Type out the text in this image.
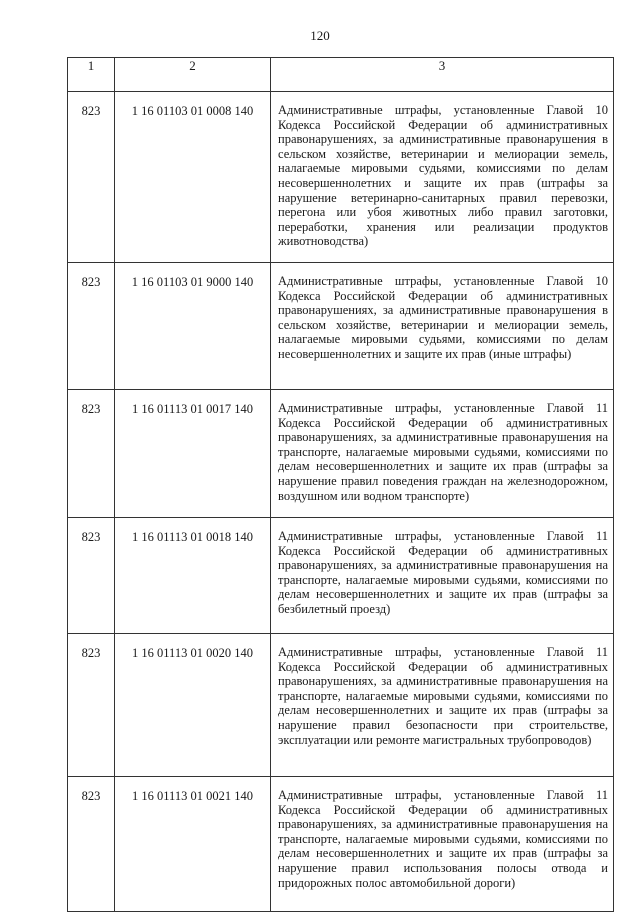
120
1	2	3
823	1 16 01103 01 0008 140	Административные штрафы, установленные Главой 10 Кодекса Российской Федерации об административных правонарушениях, за административные правонарушения в сельском хозяйстве, ветеринарии и мелиорации земель, налагаемые мировыми судьями, комиссиями по делам несовершеннолетних и защите их прав (штрафы за нарушение ветеринарно-санитарных правил перевозки, перегона или убоя животных либо правил заготовки, переработки, хранения или реализации продуктов животноводства)
823	1 16 01103 01 9000 140	Административные штрафы, установленные Главой 10 Кодекса Российской Федерации об административных правонарушениях, за административные правонарушения в сельском хозяйстве, ветеринарии и мелиорации земель, налагаемые мировыми судьями, комиссиями по делам несовершеннолетних и защите их прав (иные штрафы)
823	1 16 01113 01 0017 140	Административные штрафы, установленные Главой 11 Кодекса Российской Федерации об административных правонарушениях, за административные правонарушения на транспорте, налагаемые мировыми судьями, комиссиями по делам несовершеннолетних и защите их прав (штрафы за нарушение правил поведения граждан на железнодорожном, воздушном или водном транспорте)
823	1 16 01113 01 0018 140	Административные штрафы, установленные Главой 11 Кодекса Российской Федерации об административных правонарушениях, за административные правонарушения на транспорте, налагаемые мировыми судьями, комиссиями по делам несовершеннолетних и защите их прав (штрафы за безбилетный проезд)
823	1 16 01113 01 0020 140	Административные штрафы, установленные Главой 11 Кодекса Российской Федерации об административных правонарушениях, за административные правонарушения на транспорте, налагаемые мировыми судьями, комиссиями по делам несовершеннолетних и защите их прав (штрафы за нарушение правил безопасности при строительстве, эксплуатации или ремонте магистральных трубопроводов)
823	1 16 01113 01 0021 140	Административные штрафы, установленные Главой 11 Кодекса Российской Федерации об административных правонарушениях, за административные правонарушения на транспорте, налагаемые мировыми судьями, комиссиями по делам несовершеннолетних и защите их прав (штрафы за нарушение правил использования полосы отвода и придорожных полос автомобильной дороги)
